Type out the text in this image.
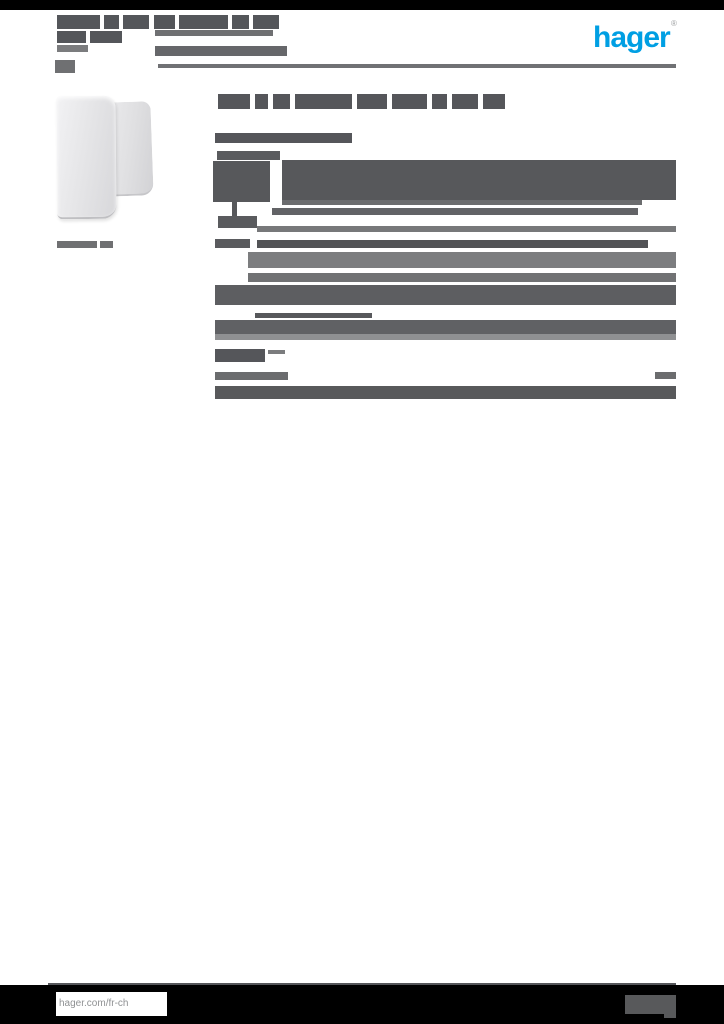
hager ®
hager.com/fr-ch
